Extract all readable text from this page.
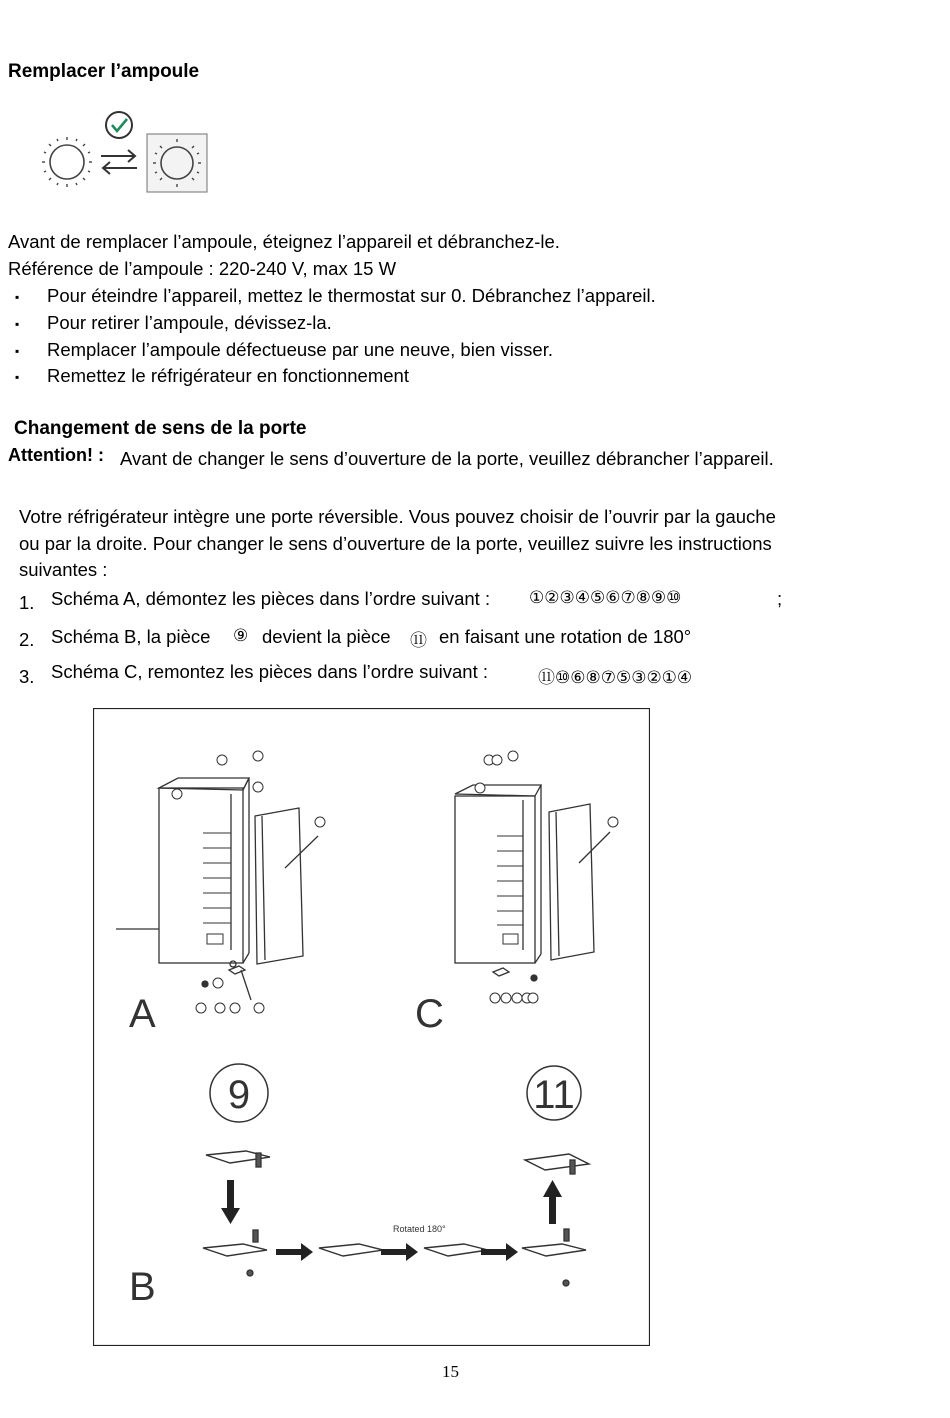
Remplacer l’ampoule
Avant de remplacer l’ampoule, éteignez l’appareil et débranchez-le.
Référence de l’ampoule : 220-240 V, max 15 W
▪ Pour éteindre l’appareil, mettez le thermostat sur 0. Débranchez l’appareil.
▪ Pour retirer l’ampoule, dévissez-la.
▪ Remplacer l’ampoule défectueuse par une neuve, bien visser.
▪ Remettez le réfrigérateur en fonctionnement
Changement de sens de la porte
Attention! : Avant de changer le sens d’ouverture de la porte, veuillez débrancher l’appareil.
Votre réfrigérateur intègre une porte réversible. Vous pouvez choisir de l’ouvrir par la gauche
ou par la droite. Pour changer le sens d’ouverture de la porte, veuillez suivre les instructions
suivantes :
1. Schéma A, démontez les pièces dans l’ordre suivant : ①②③④⑤⑥⑦⑧⑨⑩	;
2. Schéma B, la pièce ⑨ devient la pièce ⑪ en faisant une rotation de 180°
3. Schéma C, remontez les pièces dans l’ordre suivant :	⑪⑩⑥⑧⑦⑤③②①④
A	C
9	11
Rotated 180°
B
15
